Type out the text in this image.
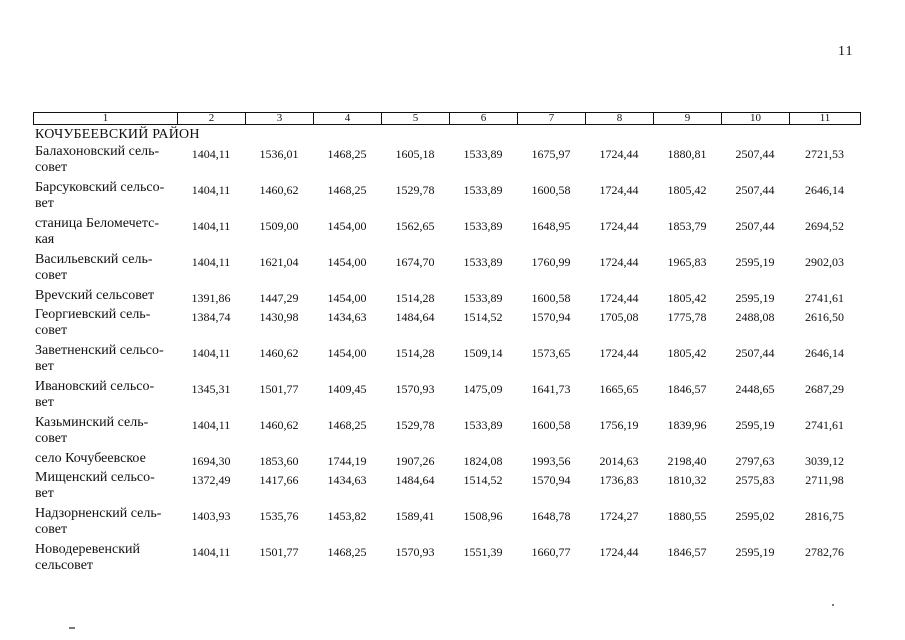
11
1	2	3	4	5	6	7	8	9	10	11
КОЧУБЕЕВСКИЙ РАЙОН
Балахоновский сель-
совет	1404,11	1536,01	1468,25	1605,18	1533,89	1675,97	1724,44	1880,81	2507,44	2721,53
Барсуковский сельсо-
вет	1404,11	1460,62	1468,25	1529,78	1533,89	1600,58	1724,44	1805,42	2507,44	2646,14
станица Беломечетс-
кая	1404,11	1509,00	1454,00	1562,65	1533,89	1648,95	1724,44	1853,79	2507,44	2694,52
Васильевский сель-
совет	1404,11	1621,04	1454,00	1674,70	1533,89	1760,99	1724,44	1965,83	2595,19	2902,03
Врevский сельсовет	1391,86	1447,29	1454,00	1514,28	1533,89	1600,58	1724,44	1805,42	2595,19	2741,61
Георгиевский сель-
совет	1384,74	1430,98	1434,63	1484,64	1514,52	1570,94	1705,08	1775,78	2488,08	2616,50
Заветненский сельсо-
вет	1404,11	1460,62	1454,00	1514,28	1509,14	1573,65	1724,44	1805,42	2507,44	2646,14
Ивановский сельсо-
вет	1345,31	1501,77	1409,45	1570,93	1475,09	1641,73	1665,65	1846,57	2448,65	2687,29
Казьминский сель-
совет	1404,11	1460,62	1468,25	1529,78	1533,89	1600,58	1756,19	1839,96	2595,19	2741,61
село Кочубеевское	1694,30	1853,60	1744,19	1907,26	1824,08	1993,56	2014,63	2198,40	2797,63	3039,12
Мищенский сельсо-
вет	1372,49	1417,66	1434,63	1484,64	1514,52	1570,94	1736,83	1810,32	2575,83	2711,98
Надзорненский сель-
совет	1403,93	1535,76	1453,82	1589,41	1508,96	1648,78	1724,27	1880,55	2595,02	2816,75
Новодеревенский
сельсовет	1404,11	1501,77	1468,25	1570,93	1551,39	1660,77	1724,44	1846,57	2595,19	2782,76
